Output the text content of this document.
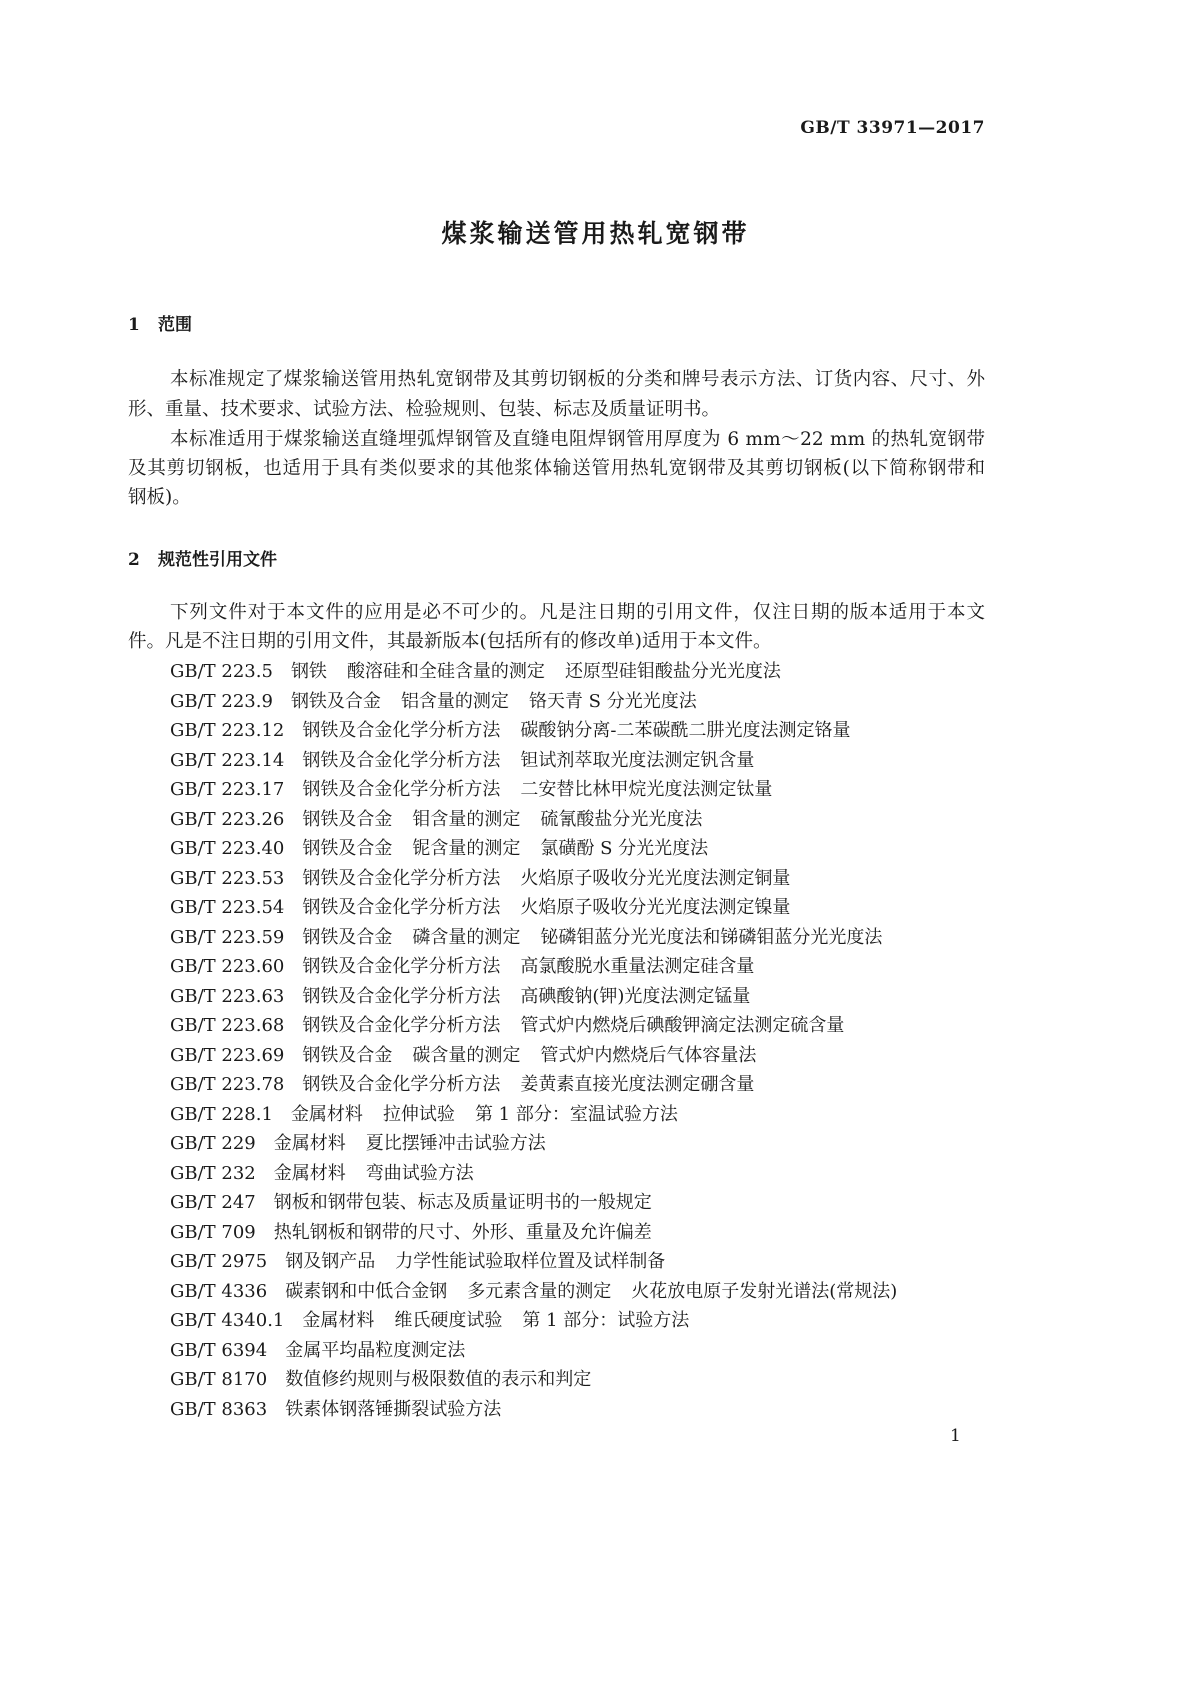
GB/T 33971—2017
煤浆输送管用热轧宽钢带
1 范围
本标准规定了煤浆输送管用热轧宽钢带及其剪切钢板的分类和牌号表示方法、订货内容、尺寸、外
形、重量、技术要求、试验方法、检验规则、包装、标志及质量证明书。
本标准适用于煤浆输送直缝埋弧焊钢管及直缝电阻焊钢管用厚度为 6 mm～22 mm 的热轧宽钢带
及其剪切钢板，也适用于具有类似要求的其他浆体输送管用热轧宽钢带及其剪切钢板(以下简称钢带和
钢板)。
2 规范性引用文件
下列文件对于本文件的应用是必不可少的。凡是注日期的引用文件，仅注日期的版本适用于本文
件。凡是不注日期的引用文件，其最新版本(包括所有的修改单)适用于本文件。
GB/T 223.5 钢铁 酸溶硅和全硅含量的测定 还原型硅钼酸盐分光光度法
GB/T 223.9 钢铁及合金 铝含量的测定 铬天青 S 分光光度法
GB/T 223.12 钢铁及合金化学分析方法 碳酸钠分离-二苯碳酰二肼光度法测定铬量
GB/T 223.14 钢铁及合金化学分析方法 钽试剂萃取光度法测定钒含量
GB/T 223.17 钢铁及合金化学分析方法 二安替比林甲烷光度法测定钛量
GB/T 223.26 钢铁及合金 钼含量的测定 硫氰酸盐分光光度法
GB/T 223.40 钢铁及合金 铌含量的测定 氯磺酚 S 分光光度法
GB/T 223.53 钢铁及合金化学分析方法 火焰原子吸收分光光度法测定铜量
GB/T 223.54 钢铁及合金化学分析方法 火焰原子吸收分光光度法测定镍量
GB/T 223.59 钢铁及合金 磷含量的测定 铋磷钼蓝分光光度法和锑磷钼蓝分光光度法
GB/T 223.60 钢铁及合金化学分析方法 高氯酸脱水重量法测定硅含量
GB/T 223.63 钢铁及合金化学分析方法 高碘酸钠(钾)光度法测定锰量
GB/T 223.68 钢铁及合金化学分析方法 管式炉内燃烧后碘酸钾滴定法测定硫含量
GB/T 223.69 钢铁及合金 碳含量的测定 管式炉内燃烧后气体容量法
GB/T 223.78 钢铁及合金化学分析方法 姜黄素直接光度法测定硼含量
GB/T 228.1 金属材料 拉伸试验 第 1 部分：室温试验方法
GB/T 229 金属材料 夏比摆锤冲击试验方法
GB/T 232 金属材料 弯曲试验方法
GB/T 247 钢板和钢带包装、标志及质量证明书的一般规定
GB/T 709 热轧钢板和钢带的尺寸、外形、重量及允许偏差
GB/T 2975 钢及钢产品 力学性能试验取样位置及试样制备
GB/T 4336 碳素钢和中低合金钢 多元素含量的测定 火花放电原子发射光谱法(常规法)
GB/T 4340.1 金属材料 维氏硬度试验 第 1 部分：试验方法
GB/T 6394 金属平均晶粒度测定法
GB/T 8170 数值修约规则与极限数值的表示和判定
GB/T 8363 铁素体钢落锤撕裂试验方法
1
